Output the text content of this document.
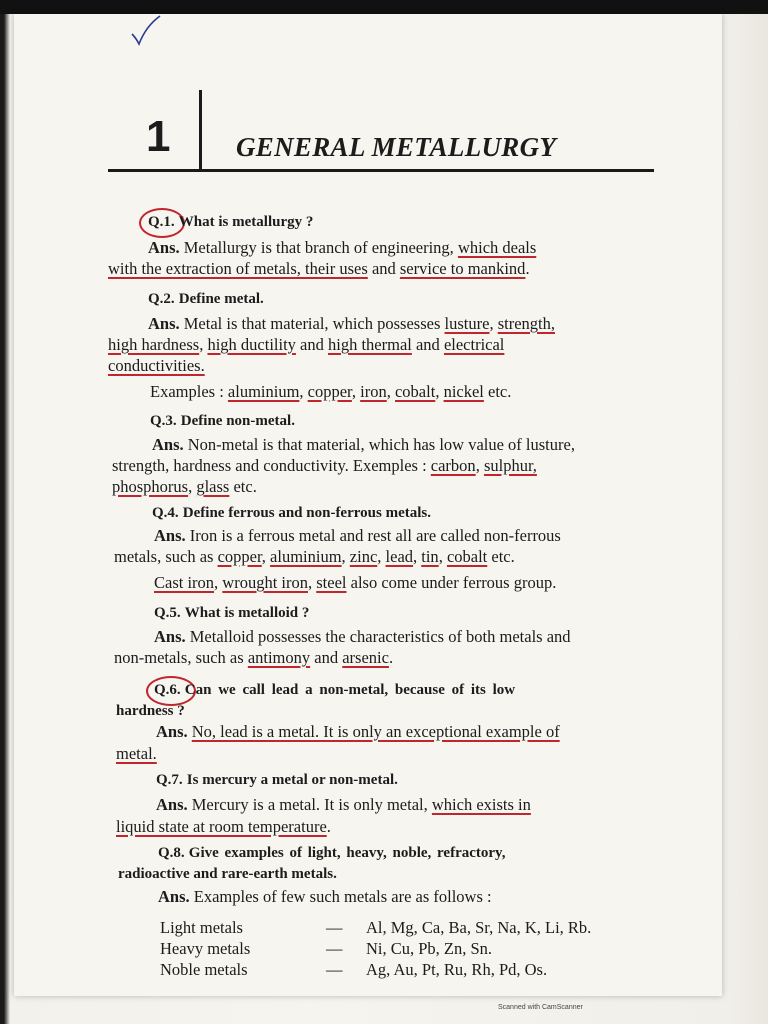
1 GENERAL METALLURGY
Q.1. What is metallurgy ?
Ans. Metallurgy is that branch of engineering, which deals
with the extraction of metals, their uses and service to mankind.
Q.2. Define metal.
Ans. Metal is that material, which possesses lusture, strength,
high hardness, high ductility and high thermal and electrical
conductivities.
Examples : aluminium, copper, iron, cobalt, nickel etc.
Q.3. Define non-metal.
Ans. Non-metal is that material, which has low value of lusture,
strength, hardness and conductivity. Exemples : carbon, sulphur,
phosphorus, glass etc.
Q.4. Define ferrous and non-ferrous metals.
Ans. Iron is a ferrous metal and rest all are called non-ferrous
metals, such as copper, aluminium, zinc, lead, tin, cobalt etc.
Cast iron, wrought iron, steel also come under ferrous group.
Q.5. What is metalloid ?
Ans. Metalloid possesses the characteristics of both metals and
non-metals, such as antimony and arsenic.
Q.6. Can we call lead a non-metal, because of its low
hardness ?
Ans. No, lead is a metal. It is only an exceptional example of
metal.
Q.7. Is mercury a metal or non-metal.
Ans. Mercury is a metal. It is only metal, which exists in
liquid state at room temperature.
Q.8. Give examples of light, heavy, noble, refractory,
radioactive and rare-earth metals.
Ans. Examples of few such metals are as follows :
Light metals	— Al, Mg, Ca, Ba, Sr, Na, K, Li, Rb.
Heavy metals	— Ni, Cu, Pb, Zn, Sn.
Noble metals	— Ag, Au, Pt, Ru, Rh, Pd, Os.
Scanned with CamScanner
